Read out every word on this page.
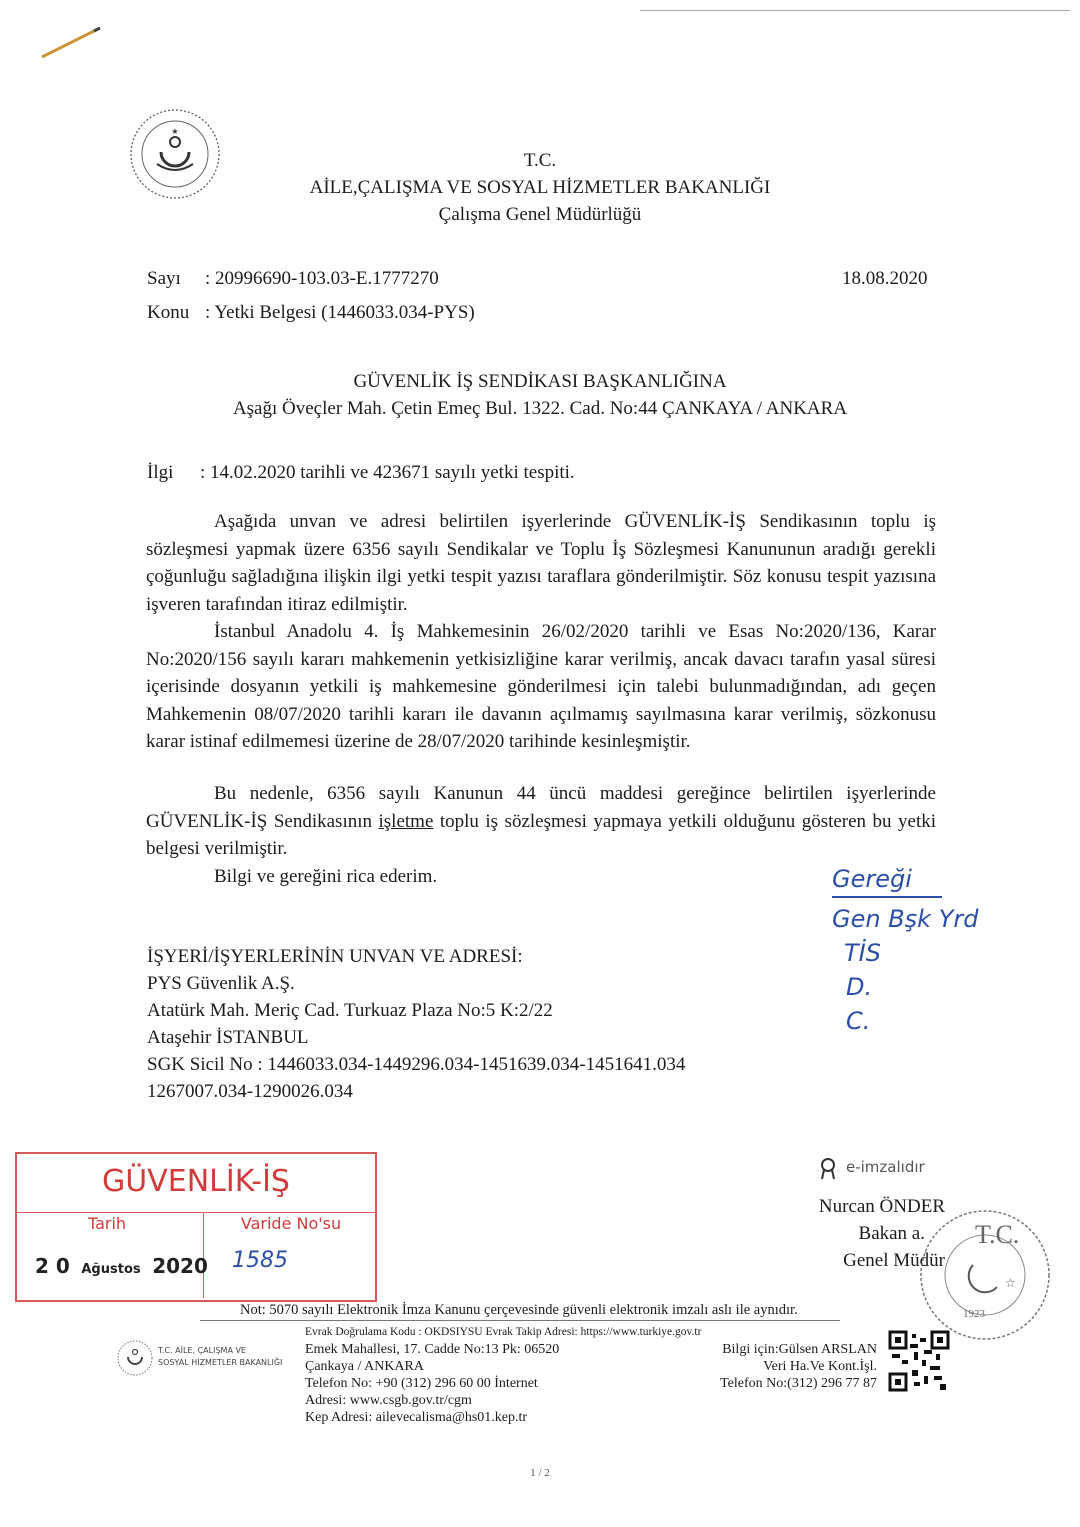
★
T.C.
AİLE,ÇALIŞMA VE SOSYAL HİZMETLER BAKANLIĞI
Çalışma Genel Müdürlüğü
Sayı : 20996690-103.03-E.1777270	18.08.2020
Konu : Yetki Belgesi (1446033.034-PYS)
GÜVENLİK İŞ SENDİKASI BAŞKANLIĞINA
Aşağı Öveçler Mah. Çetin Emeç Bul. 1322. Cad. No:44 ÇANKAYA / ANKARA
İlgi : 14.02.2020 tarihli ve 423671 sayılı yetki tespiti.
Aşağıda unvan ve adresi belirtilen işyerlerinde GÜVENLİK-İŞ Sendikasının toplu iş sözleşmesi yapmak üzere 6356 sayılı Sendikalar ve Toplu İş Sözleşmesi Kanununun aradığı gerekli çoğunluğu sağladığına ilişkin ilgi yetki tespit yazısı taraflara gönderilmiştir. Söz konusu tespit yazısına işveren tarafından itiraz edilmiştir.
İstanbul Anadolu 4. İş Mahkemesinin 26/02/2020 tarihli ve Esas No:2020/136, Karar No:2020/156 sayılı kararı mahkemenin yetkisizliğine karar verilmiş, ancak davacı tarafın yasal süresi içerisinde dosyanın yetkili iş mahkemesine gönderilmesi için talebi bulunmadığından, adı geçen Mahkemenin 08/07/2020 tarihli kararı ile davanın açılmamış sayılmasına karar verilmiş, sözkonusu karar istinaf edilmemesi üzerine de 28/07/2020 tarihinde kesinleşmiştir.
Bu nedenle, 6356 sayılı Kanunun 44 üncü maddesi gereğince belirtilen işyerlerinde GÜVENLİK-İŞ Sendikasının işletme toplu iş sözleşmesi yapmaya yetkili olduğunu gösteren bu yetki belgesi verilmiştir.
Bilgi ve gereğini rica ederim.	Gereği
Gen Bşk Yrd
TİS
D.
C.
İŞYERİ/İŞYERLERİNİN UNVAN VE ADRESİ:
PYS Güvenlik A.Ş.
Atatürk Mah. Meriç Cad. Turkuaz Plaza No:5 K:2/22
Ataşehir İSTANBUL
SGK Sicil No : 1446033.034-1449296.034-1451639.034-1451641.034
1267007.034-1290026.034
GÜVENLİK-İŞ
Tarih	Varide No'su
2 0 Ağustos 2020 1585
e-imzalıdır
Nurcan ÖNDER
Bakan a.
Genel Müdür
☆
T.C.
1923
Not: 5070 sayılı Elektronik İmza Kanunu çerçevesinde güvenli elektronik imzalı aslı ile aynıdır.
T.C. AİLE, ÇALIŞMA VE
SOSYAL HİZMETLER BAKANLIĞI
Evrak Doğrulama Kodu : OKDSIYSU Evrak Takip Adresi: https://www.turkiye.gov.tr
Emek Mahallesi, 17. Cadde No:13 Pk: 06520
Çankaya / ANKARA
Telefon No: +90 (312) 296 60 00 İnternet
Adresi: www.csgb.gov.tr/cgm
Kep Adresi: ailevecalisma@hs01.kep.tr
Bilgi için:Gülsen ARSLAN
Veri Ha.Ve Kont.İşl.
Telefon No:(312) 296 77 87
1 / 2
